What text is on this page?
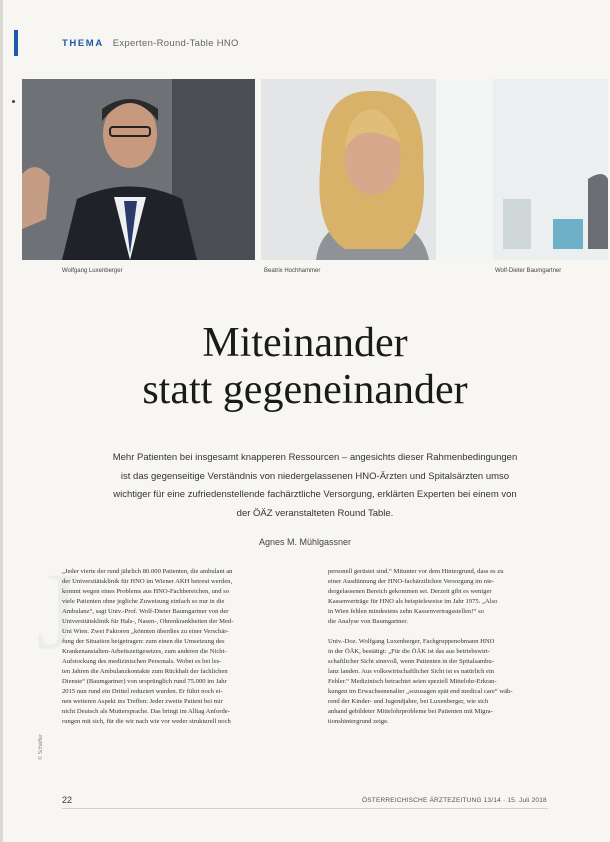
THEMA Experten-Round-Table HNO
Wolfgang Luxenberger	Beatrix Hochhammer	Wolf-Dieter Baumgartner
Miteinander
statt gegeneinander
Mehr Patienten bei insgesamt knapperen Ressourcen – angesichts dieser Rahmenbedingungen
ist das gegenseitige Verständnis von niedergelassenen HNO-Ärzten und Spitalsärzten umso
wichtiger für eine zufriedenstellende fachärztliche Versorgung, erklärten Experten bei einem von
der ÖÄZ veranstalteten Round Table.
Agnes M. Mühlgassner
J
© Schäffer
„Jeder vierte der rund jährlich 80.000 Patienten, die ambulant an
der Universitätsklinik für HNO im Wiener AKH betreut werden,
kommt wegen eines Problems aus HNO-Fachbereichen, und so
viele Patienten ohne jegliche Zuweisung einfach so nur in die
Ambulanz“, sagt Univ.-Prof. Wolf-Dieter Baumgartner von der
Universitätsklinik für Hals-, Nasen-, Ohrenkrankheiten der Med-
Uni Wien. Zwei Faktoren „könnten überdies zu einer Verschär-
fung der Situation beigetragen: zum einen die Umsetzung des
Krankenanstalten-Arbeitszeitgesetzes, zum anderen die Nicht-
Aufstockung des medizinischen Personals. Wobei es bei les-
ten Jahren die Ambulanzkontakte zum Rückhalt der fachlichen
Dienste“ (Baumgartner) von ursprünglich rund 75.000 im Jahr
2015 nun rund ein Drittel reduziert wurden. Er führt noch ei-
nen weiteren Aspekt ins Treffen: Jeder zweite Patient bei mir
nicht Deutsch als Muttersprache. Das bringt im Alltag Anforde-
rungen mit sich, für die wir nach wie vor weder strukturell noch
personell gerüstet sind.“ Mitunter vor dem Hintergrund, dass es zu
einer Ausdünnung der HNO-fachärztlichen Versorgung im nie-
dergelassenen Bereich gekommen sei. Derzeit gibt es weniger
Kassenverträge für HNO als beispielsweise im Jahr 1975. „Also
in Wien fehlen mindestens zehn Kassenvertragsstellen!“ so
die Analyse von Baumgartner.
Univ.-Doz. Wolfgang Luxenberger, Fachgruppenobmann HNO
in der ÖÄK, bestätigt: „Für die ÖÄK ist das aus betriebswirt-
schaftlicher Sicht sinnvoll, wenn Patienten in der Spitalsambu-
lanz landen. Aus volkswirtschaftlicher Sicht ist es natürlich ein
Fehler.“ Medizinisch betrachtet seien speziell Mittelohr-Erkran-
kungen im Erwachsenenalter „sozusagen spät end medical care“ wäh-
rend der Kinder- und Jugendjahre, bei Luxenberger, wie sich
anhand gebildeter Mittelohrprobleme bei Patienten mit Migra-
tionshintergrund zeige.
22	ÖSTERREICHISCHE ÄRZTEZEITUNG 13/14 · 15. Juli 2018
